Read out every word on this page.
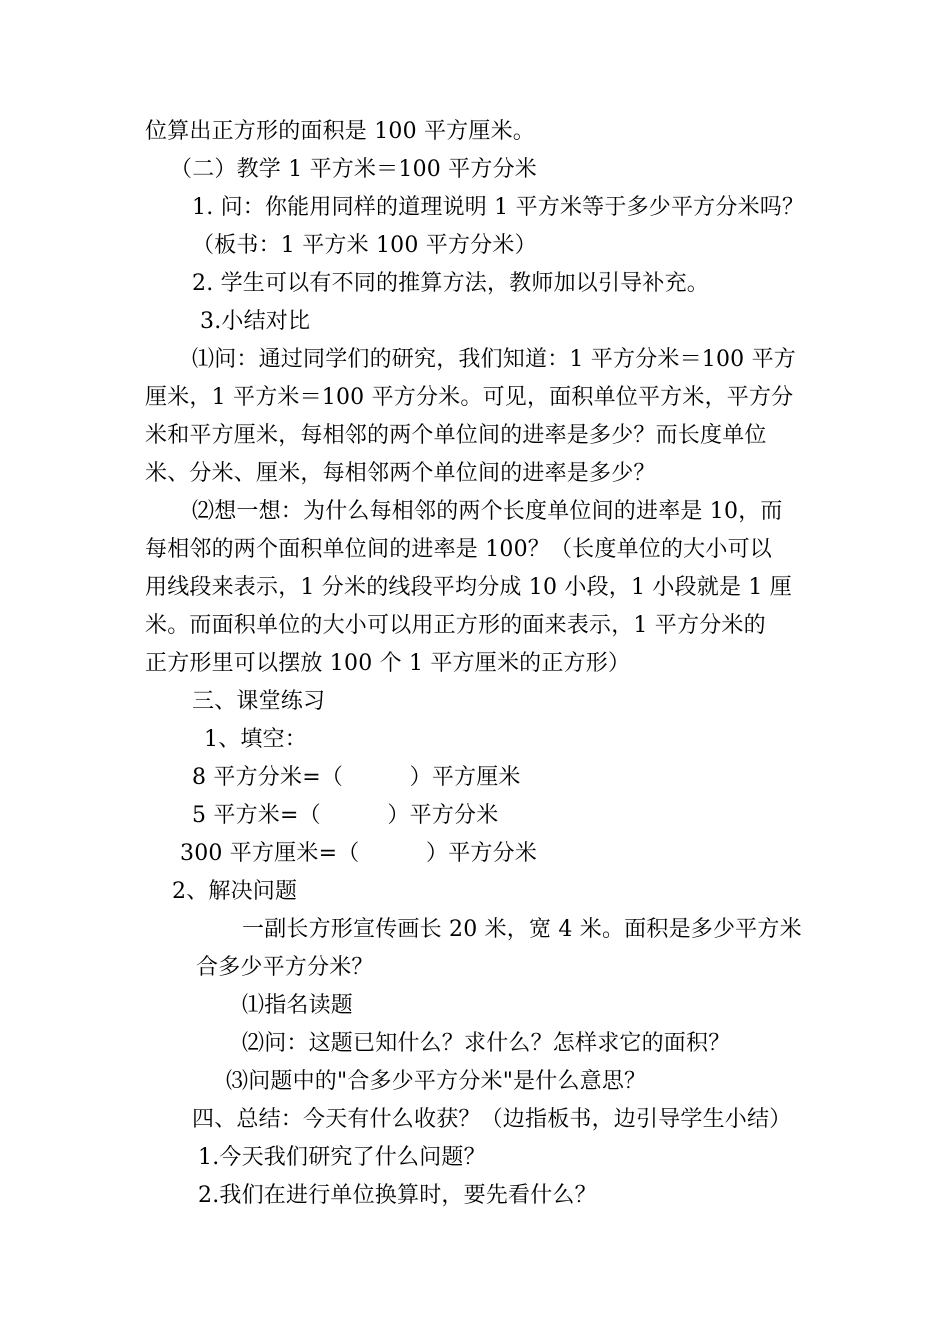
位算出正方形的面积是 100 平方厘米。
（二）教学 1 平方米＝100 平方分米
1. 问：你能用同样的道理说明 1 平方米等于多少平方分米吗？
（板书：1 平方米 100 平方分米）
2. 学生可以有不同的推算方法，教师加以引导补充。
3.小结对比
⑴问：通过同学们的研究，我们知道：1 平方分米＝100 平方
厘米，1 平方米＝100 平方分米。可见，面积单位平方米，平方分
米和平方厘米，每相邻的两个单位间的进率是多少？而长度单位
米、分米、厘米，每相邻两个单位间的进率是多少？
⑵想一想：为什么每相邻的两个长度单位间的进率是 10，而
每相邻的两个面积单位间的进率是 100？（长度单位的大小可以
用线段来表示，1 分米的线段平均分成 10 小段，1 小段就是 1 厘
米。而面积单位的大小可以用正方形的面来表示，1 平方分米的
正方形里可以摆放 100 个 1 平方厘米的正方形）
三、课堂练习
1、填空：
8 平方分米=（　　　）平方厘米
5 平方米=（　　　）平方分米
300 平方厘米=（　　　）平方分米
2、解决问题
一副长方形宣传画长 20 米，宽 4 米。面积是多少平方米
合多少平方分米？
⑴指名读题
⑵问：这题已知什么？求什么？怎样求它的面积？
⑶问题中的"合多少平方分米"是什么意思？
四、总结：今天有什么收获？（边指板书，边引导学生小结）
1.今天我们研究了什么问题？
2.我们在进行单位换算时，要先看什么？
